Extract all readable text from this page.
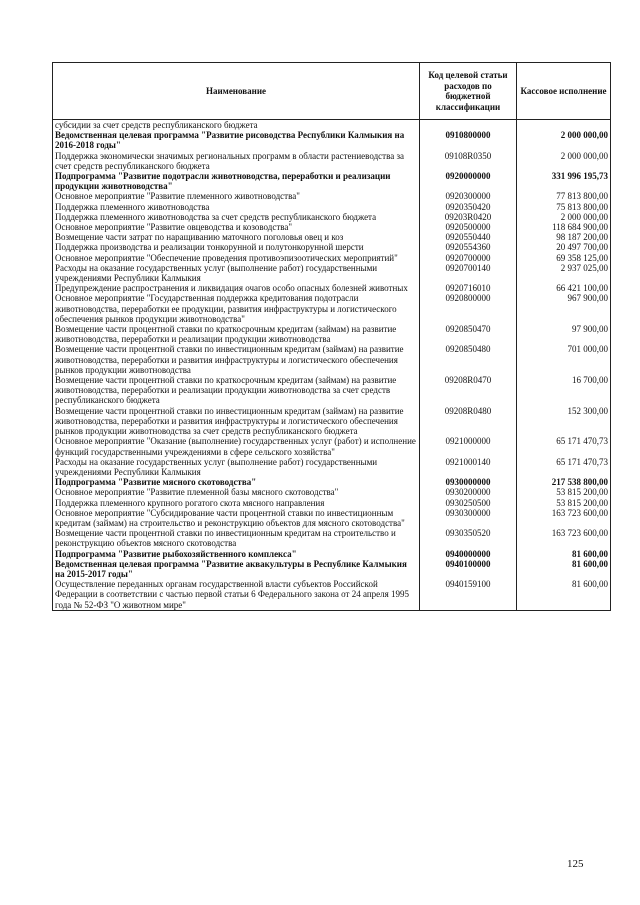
Наименование	Код целевой статьи расходов по бюджетной классификации	Кассовое исполнение
субсидии за счет средств республиканского бюджета		
Ведомственная целевая программа "Развитие рисоводства Республики Калмыкия на 2016-2018 годы"	0910800000	2 000 000,00
Поддержка экономически значимых региональных программ в области растениеводства за счет средств республиканского бюджета	09108R0350	2 000 000,00
Подпрограмма "Развитие подотрасли животноводства, переработки и реализации продукции животноводства"	0920000000	331 996 195,73
Основное мероприятие "Развитие племенного животноводства"	0920300000	77 813 800,00
Поддержка племенного животноводства	0920350420	75 813 800,00
Поддержка племенного животноводства за счет средств республиканского бюджета	09203R0420	2 000 000,00
Основное мероприятие "Развитие овцеводства и козоводства"	0920500000	118 684 900,00
Возмещение части затрат по наращиванию маточного поголовья овец и коз	0920550440	98 187 200,00
Поддержка производства и реализации тонкорунной и полутонкорунной шерсти	0920554360	20 497 700,00
Основное мероприятие "Обеспечение проведения противоэпизоотических мероприятий"	0920700000	69 358 125,00
Расходы на оказание государственных услуг (выполнение работ) государственными учреждениями Республики Калмыкия	0920700140	2 937 025,00
Предупреждение распространения и ликвидация очагов особо опасных болезней животных	0920716010	66 421 100,00
Основное мероприятие "Государственная поддержка кредитования подотрасли животноводства, переработки ее продукции, развития инфраструктуры и логистического обеспечения рынков продукции животноводства"	0920800000	967 900,00
Возмещение части процентной ставки по краткосрочным кредитам (займам) на развитие животноводства, переработки и реализации продукции животноводства	0920850470	97 900,00
Возмещение части процентной ставки по инвестиционным кредитам (займам) на развитие животноводства, переработки и развития инфраструктуры и логистического обеспечения рынков продукции животноводства	0920850480	701 000,00
Возмещение части процентной ставки по краткосрочным кредитам (займам) на развитие животноводства, переработки и реализации продукции животноводства за счет средств республиканского бюджета	09208R0470	16 700,00
Возмещение части процентной ставки по инвестиционным кредитам (займам) на развитие животноводства, переработки и развития инфраструктуры и логистического обеспечения рынков продукции животноводства за счет средств республиканского бюджета	09208R0480	152 300,00
Основное мероприятие "Оказание (выполнение) государственных услуг (работ) и исполнение функций государственными учреждениями в сфере сельского хозяйства"	0921000000	65 171 470,73
Расходы на оказание государственных услуг (выполнение работ) государственными учреждениями Республики Калмыкия	0921000140	65 171 470,73
Подпрограмма "Развитие мясного скотоводства"	0930000000	217 538 800,00
Основное мероприятие "Развитие племенной базы мясного скотоводства"	0930200000	53 815 200,00
Поддержка племенного крупного рогатого скота мясного направления	0930250500	53 815 200,00
Основное мероприятие "Субсидирование части процентной ставки по инвестиционным кредитам (займам) на строительство и реконструкцию объектов для мясного скотоводства"	0930300000	163 723 600,00
Возмещение части процентной ставки по инвестиционным кредитам на строительство и реконструкцию объектов мясного скотоводства	0930350520	163 723 600,00
Подпрограмма "Развитие рыбохозяйственного комплекса"	0940000000	81 600,00
Ведомственная целевая программа "Развитие аквакультуры в Республике Калмыкия на 2015-2017 годы"	0940100000	81 600,00
Осуществление переданных органам государственной власти субъектов Российской Федерации в соответствии с частью первой статьи 6 Федерального закона от 24 апреля 1995 года № 52-ФЗ "О животном мире"	0940159100	81 600,00
125
